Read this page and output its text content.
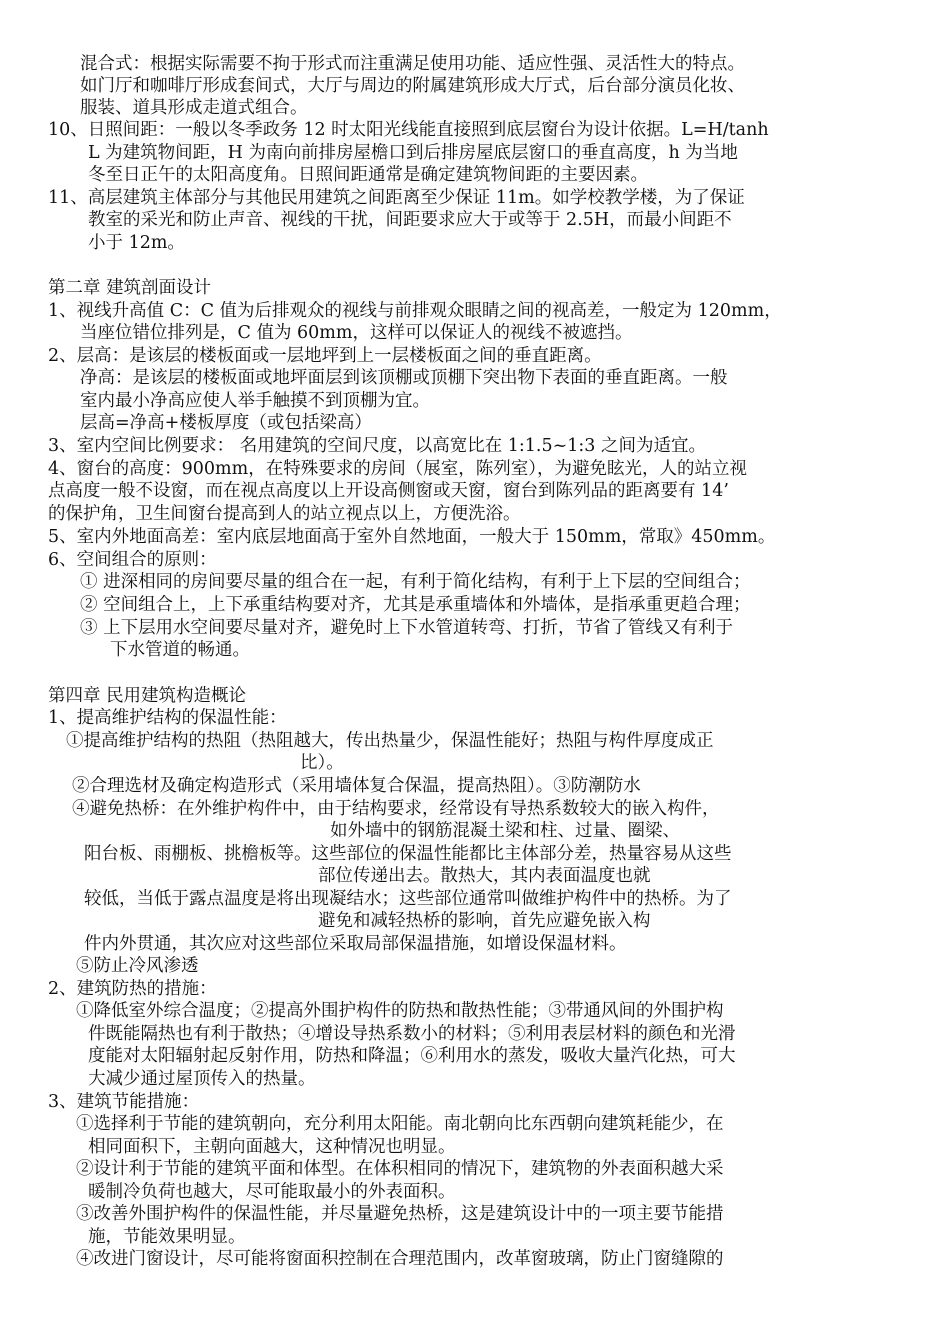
混合式：根据实际需要不拘于形式而注重满足使用功能、适应性强、灵活性大的特点。
如门厅和咖啡厅形成套间式，大厅与周边的附属建筑形成大厅式，后台部分演员化妆、
服装、道具形成走道式组合。
10、日照间距：一般以冬季政务 12 时太阳光线能直接照到底层窗台为设计依据。L=H/tanh
L 为建筑物间距，H 为南向前排房屋檐口到后排房屋底层窗口的垂直高度，h 为当地
冬至日正午的太阳高度角。日照间距通常是确定建筑物间距的主要因素。
11、高层建筑主体部分与其他民用建筑之间距离至少保证 11m。如学校教学楼，为了保证
教室的采光和防止声音、视线的干扰，间距要求应大于或等于 2.5H，而最小间距不
小于 12m。
第二章 建筑剖面设计
1、视线升高值 C：C 值为后排观众的视线与前排观众眼睛之间的视高差，一般定为 120mm，
当座位错位排列是，C 值为 60mm，这样可以保证人的视线不被遮挡。
2、层高：是该层的楼板面或一层地坪到上一层楼板面之间的垂直距离。
净高：是该层的楼板面或地坪面层到该顶棚或顶棚下突出物下表面的垂直距离。一般
室内最小净高应使人举手触摸不到顶棚为宜。
层高=净高+楼板厚度（或包括梁高）
3、室内空间比例要求： 名用建筑的空间尺度，以高宽比在 1:1.5~1:3 之间为适宜。
4、窗台的高度：900mm，在特殊要求的房间（展室，陈列室），为避免眩光，人的站立视
点高度一般不设窗，而在视点高度以上开设高侧窗或天窗，窗台到陈列品的距离要有 14’
的保护角，卫生间窗台提高到人的站立视点以上，方便洗浴。
5、室内外地面高差：室内底层地面高于室外自然地面，一般大于 150mm，常取》450mm。
6、空间组合的原则：
① 进深相同的房间要尽量的组合在一起，有利于简化结构，有利于上下层的空间组合；
② 空间组合上，上下承重结构要对齐，尤其是承重墙体和外墙体，是指承重更趋合理；
③ 上下层用水空间要尽量对齐，避免时上下水管道转弯、打折，节省了管线又有利于
下水管道的畅通。
第四章 民用建筑构造概论
1、提高维护结构的保温性能：
①提高维护结构的热阻（热阻越大，传出热量少，保温性能好；热阻与构件厚度成正
比）。
②合理选材及确定构造形式（采用墙体复合保温，提高热阻）。③防潮防水
④避免热桥：在外维护构件中，由于结构要求，经常设有导热系数较大的嵌入构件，
如外墙中的钢筋混凝土梁和柱、过量、圈梁、
阳台板、雨棚板、挑檐板等。这些部位的保温性能都比主体部分差，热量容易从这些
部位传递出去。散热大，其内表面温度也就
较低，当低于露点温度是将出现凝结水；这些部位通常叫做维护构件中的热桥。为了
避免和减轻热桥的影响，首先应避免嵌入构
件内外贯通，其次应对这些部位采取局部保温措施，如增设保温材料。
⑤防止冷风渗透
2、建筑防热的措施：
①降低室外综合温度；②提高外围护构件的防热和散热性能；③带通风间的外围护构
件既能隔热也有利于散热；④增设导热系数小的材料；⑤利用表层材料的颜色和光滑
度能对太阳辐射起反射作用，防热和降温；⑥利用水的蒸发，吸收大量汽化热，可大
大减少通过屋顶传入的热量。
3、建筑节能措施：
①选择利于节能的建筑朝向，充分利用太阳能。南北朝向比东西朝向建筑耗能少，在
相同面积下，主朝向面越大，这种情况也明显。
②设计利于节能的建筑平面和体型。在体积相同的情况下，建筑物的外表面积越大采
暖制冷负荷也越大，尽可能取最小的外表面积。
③改善外围护构件的保温性能，并尽量避免热桥，这是建筑设计中的一项主要节能措
施，节能效果明显。
④改进门窗设计，尽可能将窗面积控制在合理范围内，改革窗玻璃，防止门窗缝隙的
